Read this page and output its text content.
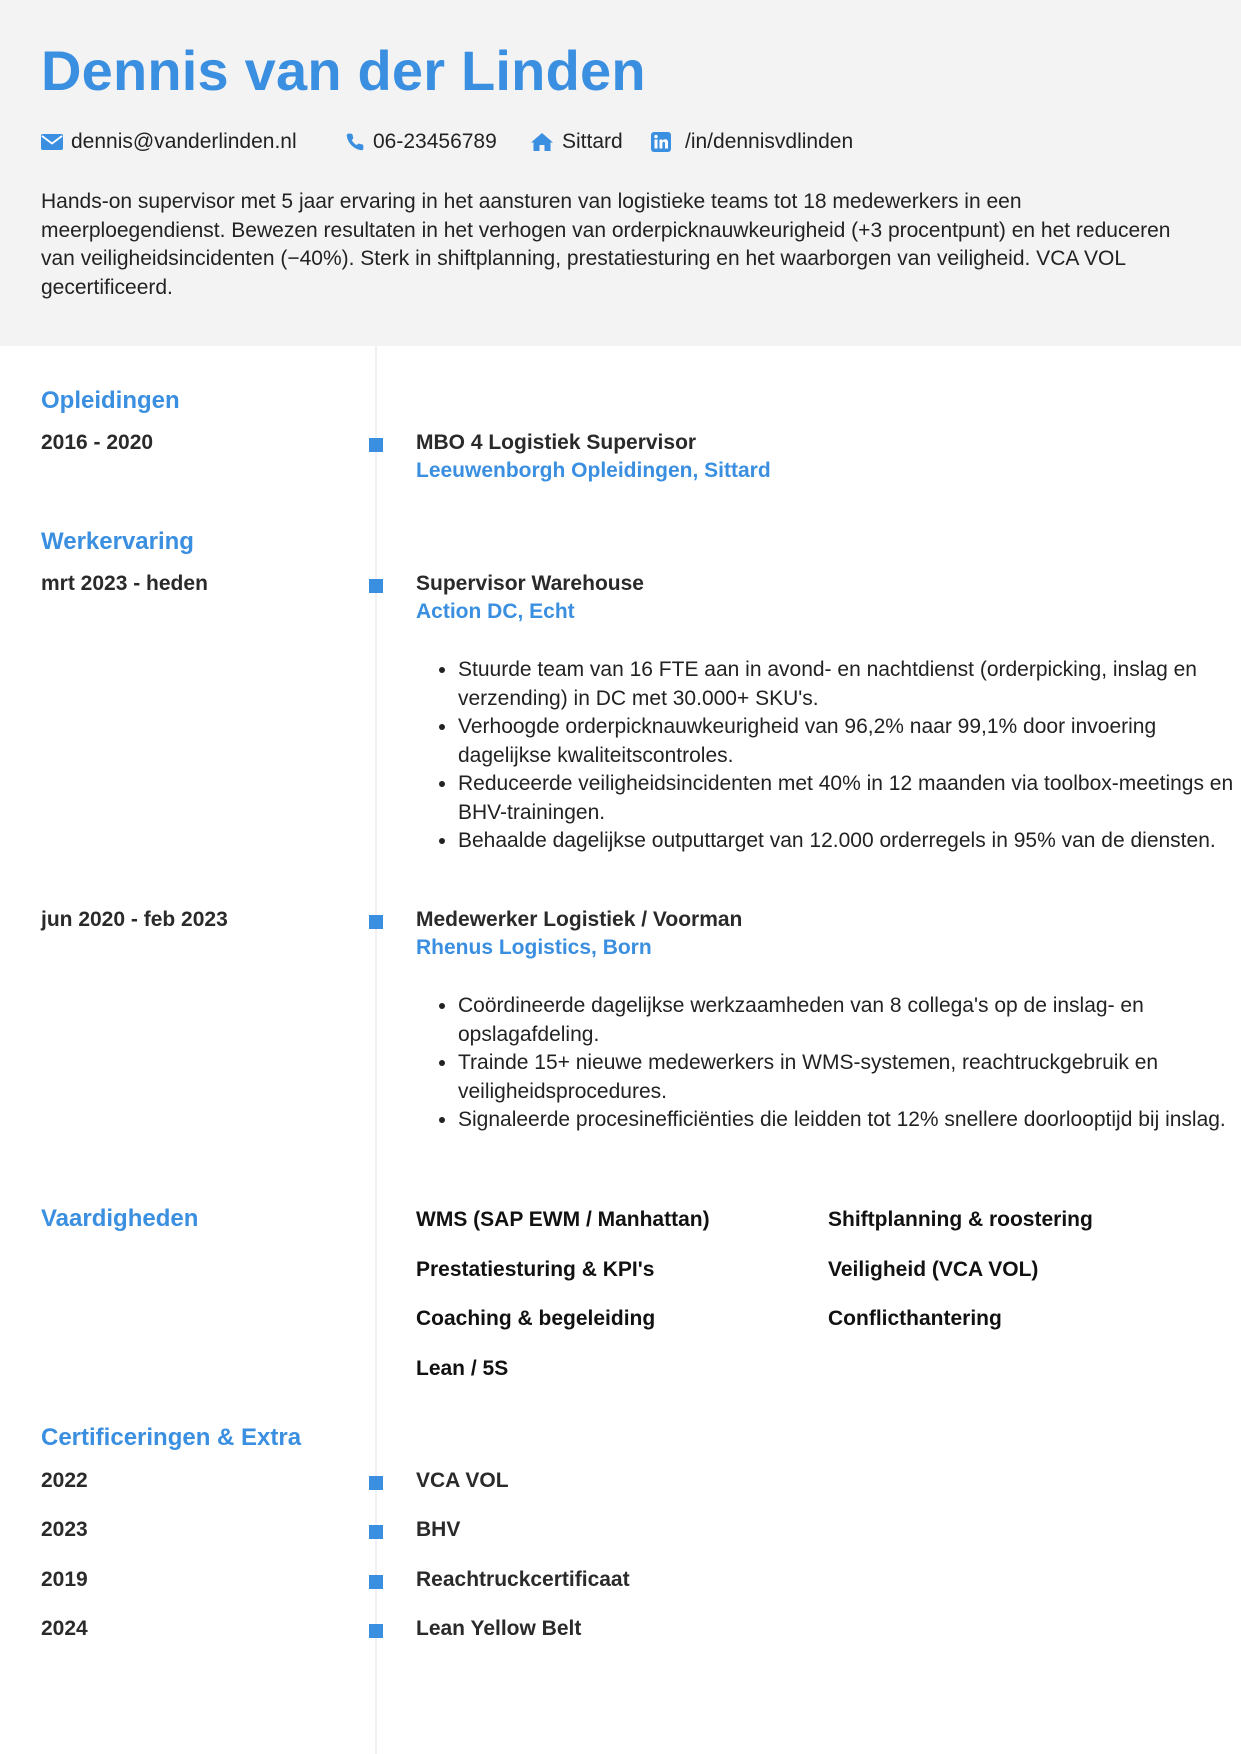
Dennis van der Linden
dennis@vanderlinden.nl	06-23456789	Sittard	/in/dennisvdlinden

Hands-on supervisor met 5 jaar ervaring in het aansturen van logistieke teams tot 18 medewerkers in een meerploegendienst. Bewezen resultaten in het verhogen van orderpicknauwkeurigheid (+3 procentpunt) en het reduceren van veiligheidsincidenten (−40%). Sterk in shiftplanning, prestatiesturing en het waarborgen van veiligheid. VCA VOL gecertificeerd.

Opleidingen
2016 - 2020	MBO 4 Logistiek Supervisor
Leeuwenborgh Opleidingen, Sittard
Werkervaring
mrt 2023 - heden	Supervisor Warehouse
Action DC, Echt
• Stuurde team van 16 FTE aan in avond- en nachtdienst (orderpicking, inslag en verzending) in DC met 30.000+ SKU's.
• Verhoogde orderpicknauwkeurigheid van 96,2% naar 99,1% door invoering dagelijkse kwaliteitscontroles.
• Reduceerde veiligheidsincidenten met 40% in 12 maanden via toolbox-meetings en BHV-trainingen.
• Behaalde dagelijkse outputtarget van 12.000 orderregels in 95% van de diensten.
jun 2020 - feb 2023	Medewerker Logistiek / Voorman
Rhenus Logistics, Born
• Coördineerde dagelijkse werkzaamheden van 8 collega's op de inslag- en opslagafdeling.
• Trainde 15+ nieuwe medewerkers in WMS-systemen, reachtruckgebruik en veiligheidsprocedures.
• Signaleerde procesinefficiënties die leidden tot 12% snellere doorlooptijd bij inslag.
Vaardigheden	WMS (SAP EWM / Manhattan)	Shiftplanning & roostering
Prestatiesturing & KPI's	Veiligheid (VCA VOL)
Coaching & begeleiding	Conflicthantering
Lean / 5S
Certificeringen & Extra
2022	VCA VOL
2023	BHV
2019	Reachtruckcertificaat
2024	Lean Yellow Belt
